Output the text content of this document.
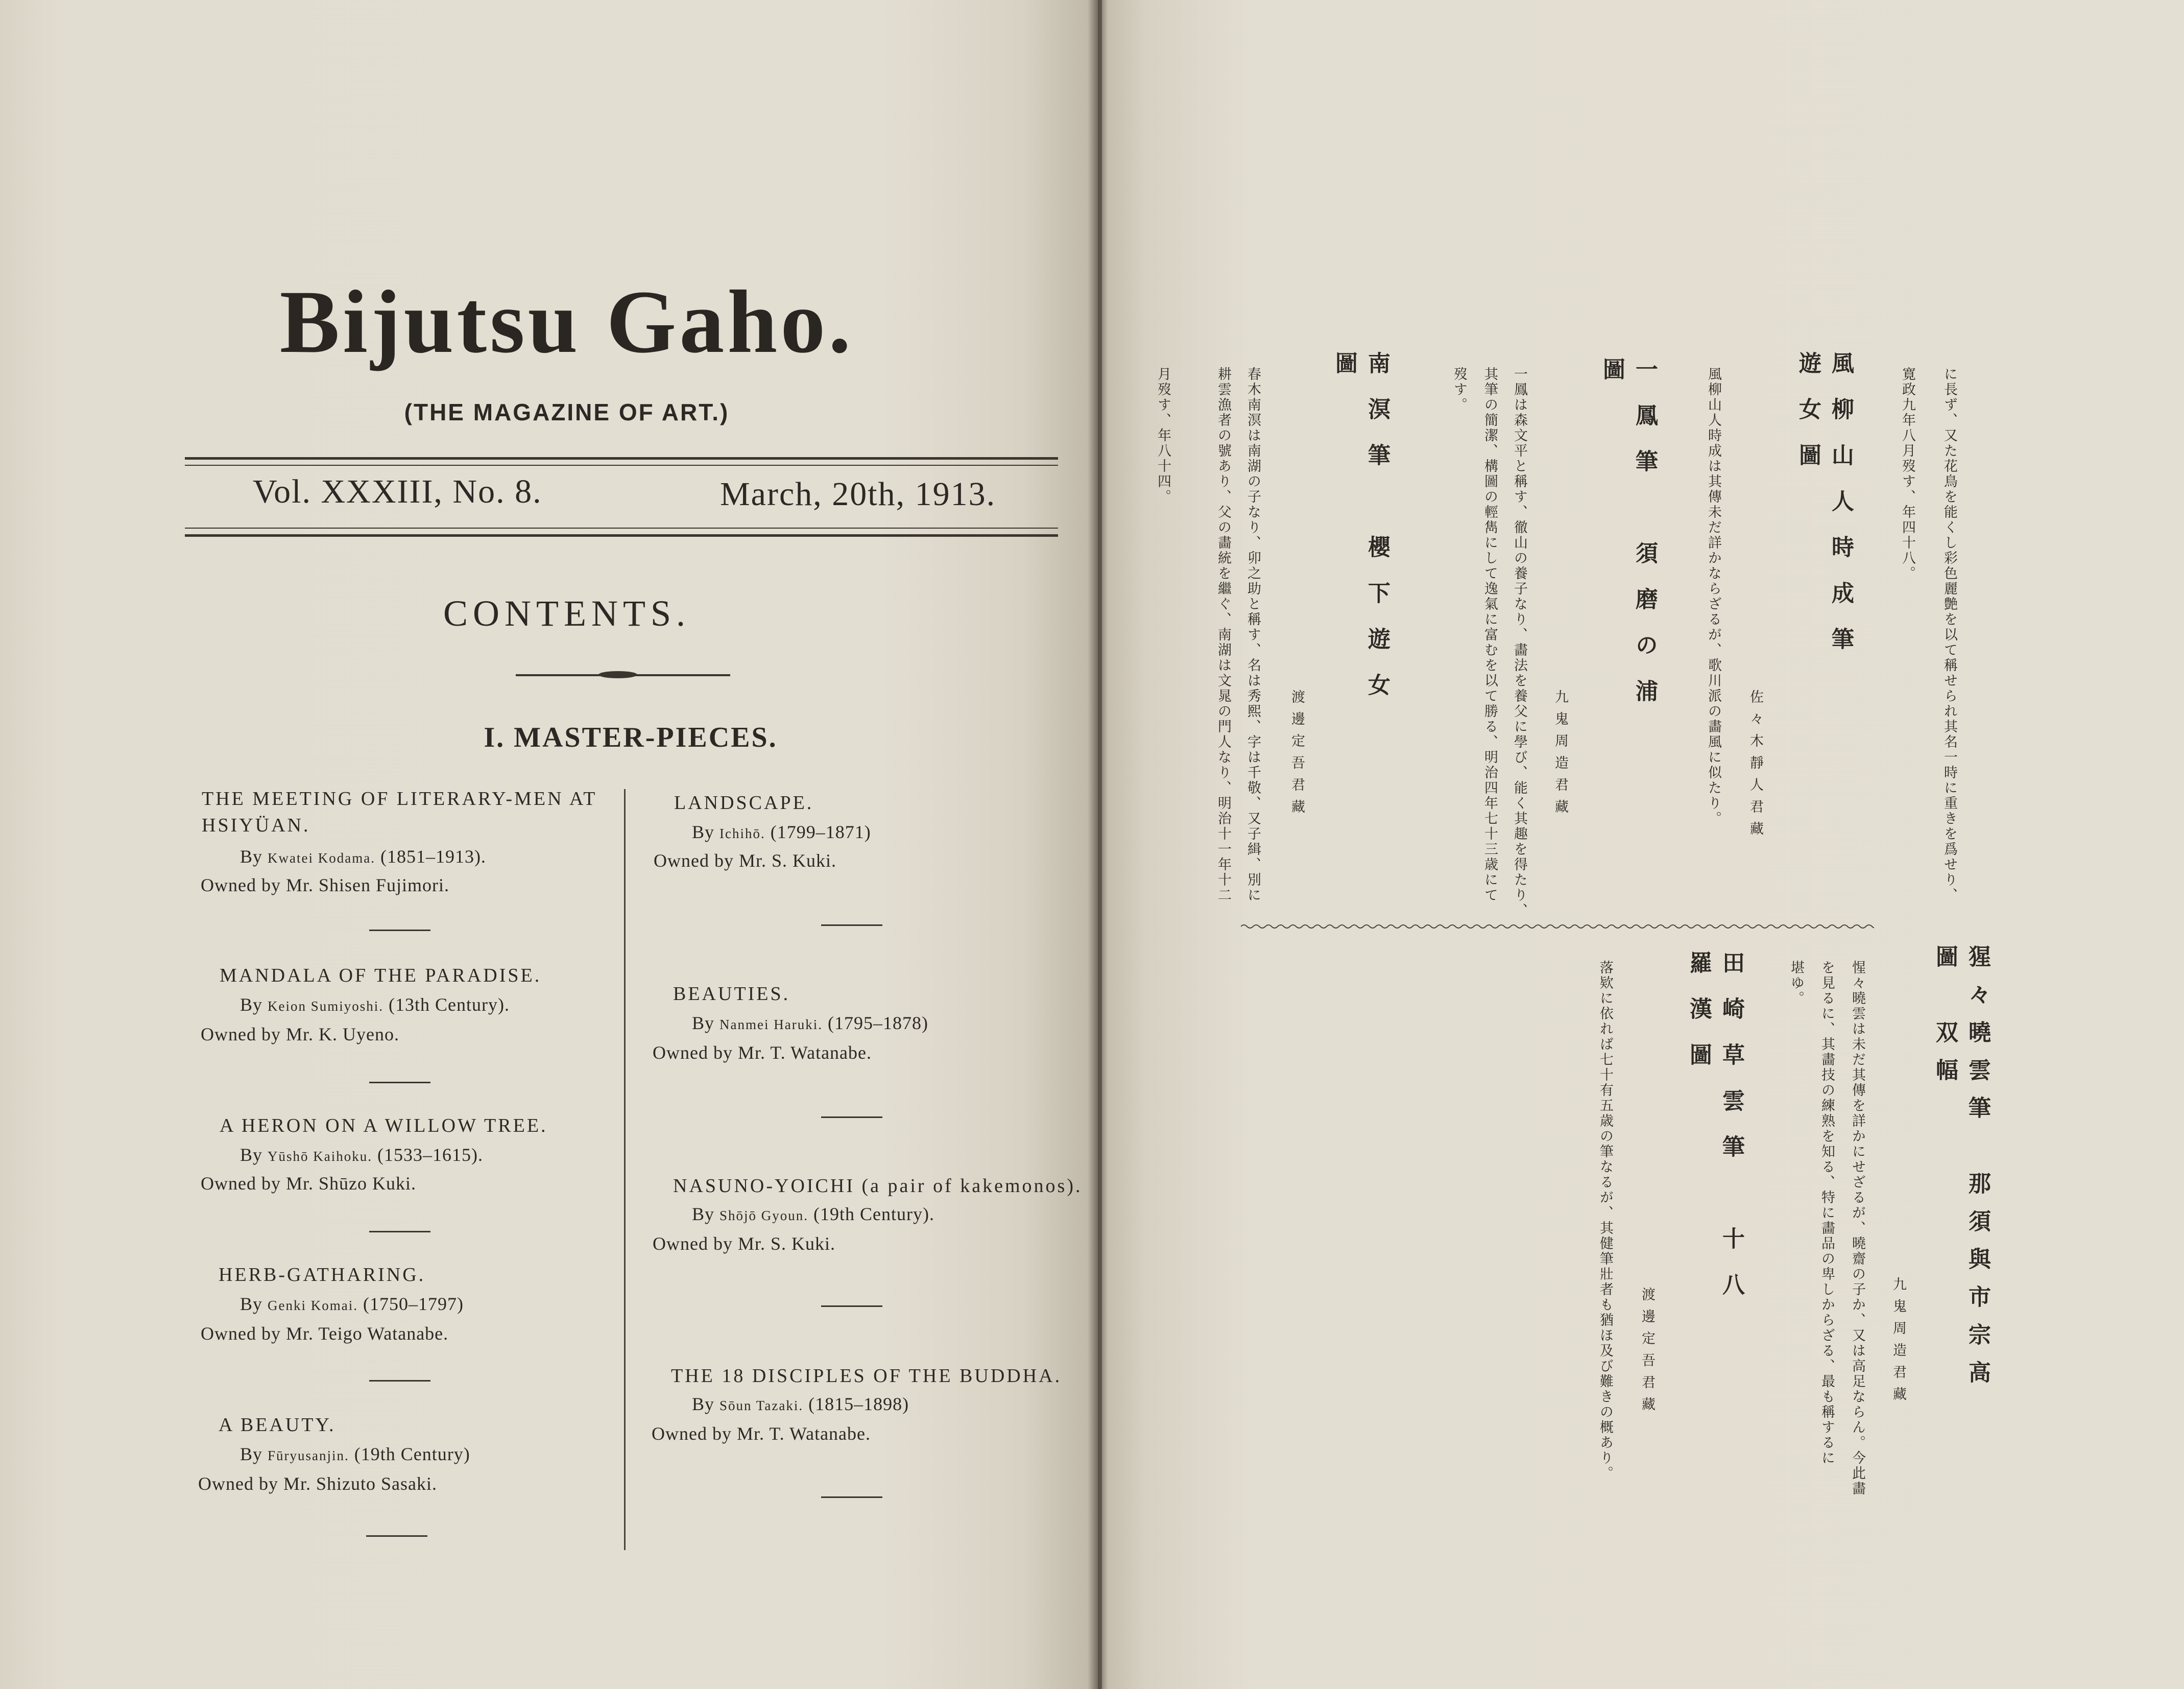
Bijutsu Gaho.
(THE MAGAZINE OF ART.)
Vol. XXXIII, No. 8.	March, 20th, 1913.
CONTENTS.
I. MASTER-PIECES.
THE MEETING OF LITERARY-MEN AT HSIYÜAN.
By Kwatei Kodama. (1851–1913).
Owned by Mr. Shisen Fujimori.
MANDALA OF THE PARADISE.
By Keion Sumiyoshi. (13th Century).
Owned by Mr. K. Uyeno.
A HERON ON A WILLOW TREE.
By Yūshō Kaihoku. (1533–1615).
Owned by Mr. Shūzo Kuki.
HERB-GATHARING.
By Genki Komai. (1750–1797)
Owned by Mr. Teigo Watanabe.
A BEAUTY.
By Fūryusanjin. (19th Century)
Owned by Mr. Shizuto Sasaki.
LANDSCAPE.
By Ichihō. (1799–1871)
Owned by Mr. S. Kuki.
BEAUTIES.
By Nanmei Haruki. (1795–1878)
Owned by Mr. T. Watanabe.
NASUNO-YOICHI (a pair of kakemonos).
By Shōjō Gyoun. (19th Century).
Owned by Mr. S. Kuki.
THE 18 DISCIPLES OF THE BUDDHA.
By Sōun Tazaki. (1815–1898)
Owned by Mr. T. Watanabe.
に長ず、又た花鳥を能くし彩色麗艶を以て稱せられ其名一時に重きを爲せり、
寛政九年八月歿す、年四十八。
風柳山人時成筆　遊女圖
佐々木靜人君藏
風柳山人時成は其傳未だ詳かならざるが、歌川派の畵風に似たり。
一鳳筆　須磨の浦圖
九鬼周造君藏
一鳳は森文平と稱す、徹山の養子なり、畵法を養父に學び、能く其趣を得たり、
其筆の簡潔、構圖の輕雋にして逸氣に富むを以て勝る、明治四年七十三歳にて
歿す。
南溟筆　櫻下遊女圖
渡邊定吾君藏
春木南溟は南湖の子なり、卯之助と稱す、名は秀熙、字は千敬、又子緝、別に
耕雲漁者の號あり、父の畵統を繼ぐ、南湖は文晁の門人なり、明治十一年十二
月歿す、年八十四。
猩々曉雲筆　那須與市宗高圖　双幅
九鬼周造君藏
惺々曉雲は未だ其傳を詳かにせざるが、曉齋の子か、又は高足ならん。今此畵
を見るに、其畵技の練熟を知る、特に畵品の卑しからざる、最も稱するに
堪ゆ。
田崎草雲筆　十八羅漢圖
渡邊定吾君藏
落欵に依れば七十有五歳の筆なるが、其健筆壯者も猶ほ及び難きの概あり。
